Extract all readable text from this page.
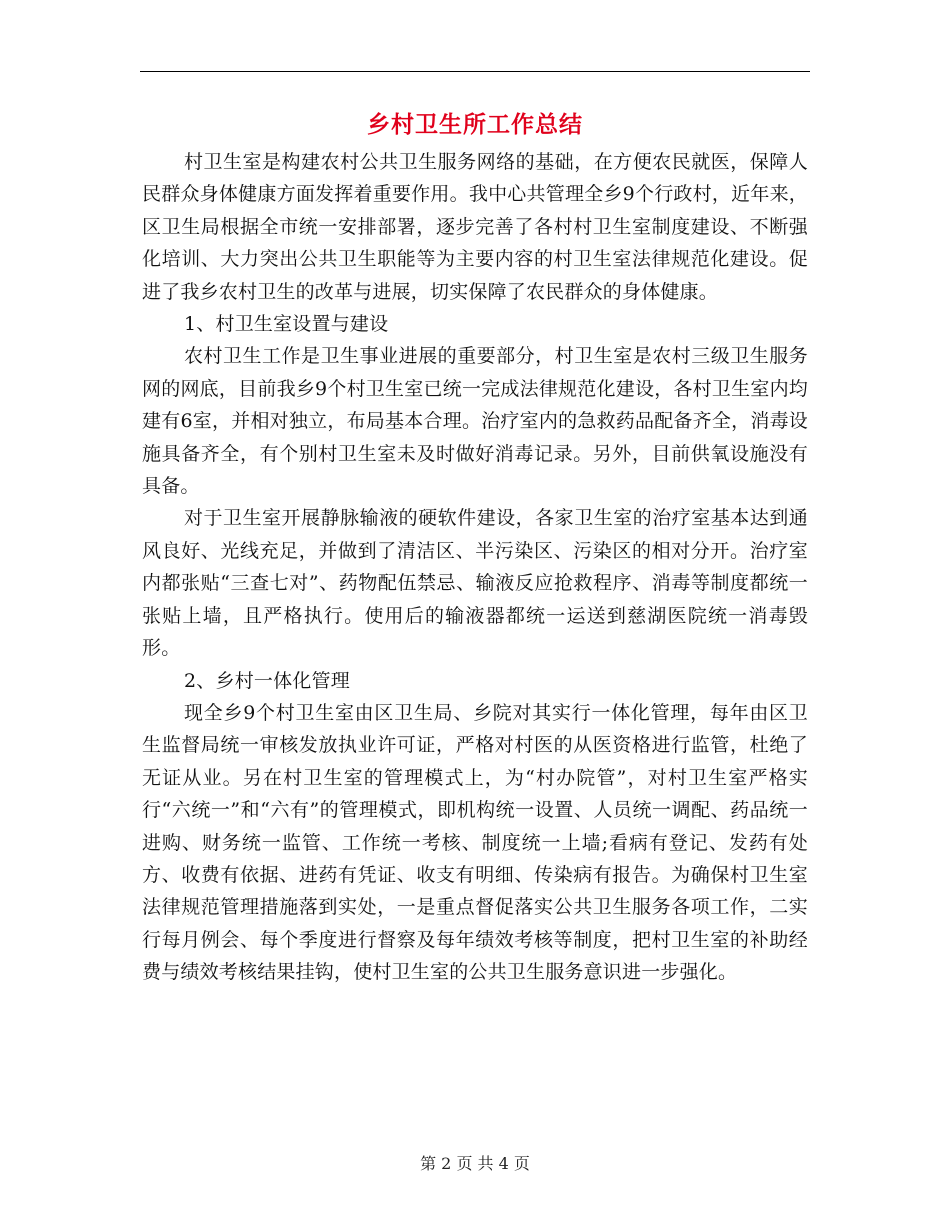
乡村卫生所工作总结

村卫生室是构建农村公共卫生服务网络的基础，在方便农民就医，保障人民群众身体健康方面发挥着重要作用。我中心共管理全乡9个行政村，近年来，区卫生局根据全市统一安排部署，逐步完善了各村村卫生室制度建设、不断强化培训、大力突出公共卫生职能等为主要内容的村卫生室法律规范化建设。促进了我乡农村卫生的改革与进展，切实保障了农民群众的身体健康。

1、村卫生室设置与建设

农村卫生工作是卫生事业进展的重要部分，村卫生室是农村三级卫生服务网的网底，目前我乡9个村卫生室已统一完成法律规范化建设，各村卫生室内均建有6室，并相对独立，布局基本合理。治疗室内的急救药品配备齐全，消毒设施具备齐全，有个别村卫生室未及时做好消毒记录。另外，目前供氧设施没有具备。

对于卫生室开展静脉输液的硬软件建设，各家卫生室的治疗室基本达到通风良好、光线充足，并做到了清洁区、半污染区、污染区的相对分开。治疗室内都张贴“三查七对”、药物配伍禁忌、输液反应抢救程序、消毒等制度都统一张贴上墙，且严格执行。使用后的输液器都统一运送到慈湖医院统一消毒毁形。

2、乡村一体化管理

现全乡9个村卫生室由区卫生局、乡院对其实行一体化管理，每年由区卫生监督局统一审核发放执业许可证，严格对村医的从医资格进行监管，杜绝了无证从业。另在村卫生室的管理模式上，为“村办院管”，对村卫生室严格实行“六统一”和“六有”的管理模式，即机构统一设置、人员统一调配、药品统一进购、财务统一监管、工作统一考核、制度统一上墙;看病有登记、发药有处方、收费有依据、进药有凭证、收支有明细、传染病有报告。为确保村卫生室法律规范管理措施落到实处，一是重点督促落实公共卫生服务各项工作，二实行每月例会、每个季度进行督察及每年绩效考核等制度，把村卫生室的补助经费与绩效考核结果挂钩，使村卫生室的公共卫生服务意识进一步强化。

第 2 页 共 4 页
